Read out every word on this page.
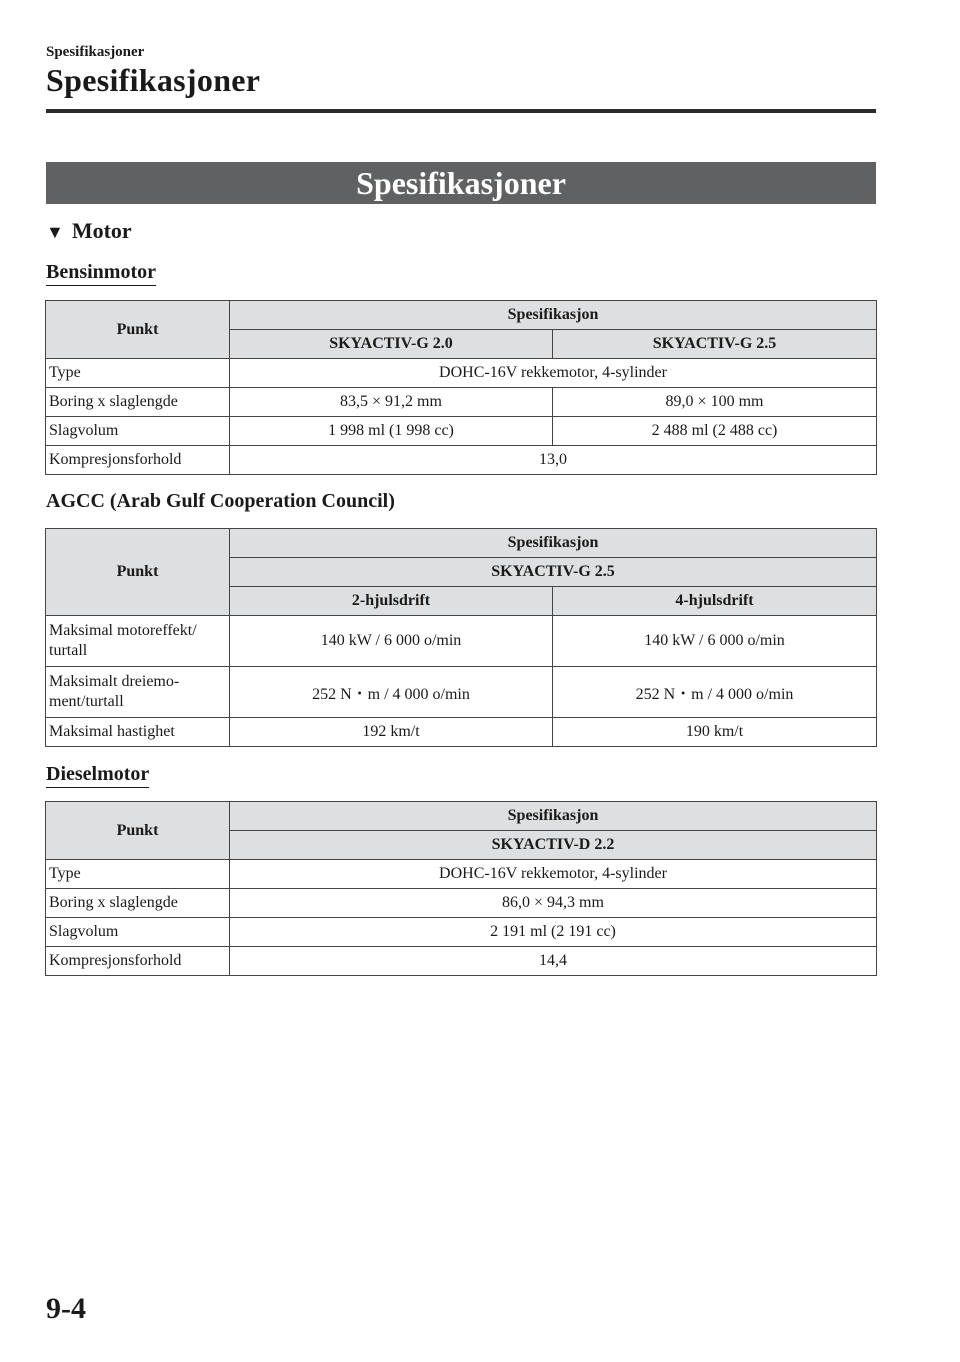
Spesifikasjoner
Spesifikasjoner
Spesifikasjoner
▼ Motor
Bensinmotor
Punkt	Spesifikasjon	
	SKYACTIV-G 2.0	SKYACTIV-G 2.5
Type	DOHC-16V rekkemotor, 4-sylinder	
Boring x slaglengde	83,5 × 91,2 mm	89,0 × 100 mm
Slagvolum	1 998 ml (1 998 cc)	2 488 ml (2 488 cc)
Kompresjonsforhold	13,0	
AGCC (Arab Gulf Cooperation Council)
Punkt	Spesifikasjon	
	SKYACTIV-G 2.5	
	2-hjulsdrift	4-hjulsdrift
Maksimal motoreffekt/ turtall	140 kW / 6 000 o/min	140 kW / 6 000 o/min
Maksimalt dreiemo- ment/turtall	252 N・m / 4 000 o/min	252 N・m / 4 000 o/min
Maksimal hastighet	192 km/t	190 km/t
Dieselmotor
Punkt	Spesifikasjon
	SKYACTIV-D 2.2
Type	DOHC-16V rekkemotor, 4-sylinder
Boring x slaglengde	86,0 × 94,3 mm
Slagvolum	2 191 ml (2 191 cc)
Kompresjonsforhold	14,4
9-4
